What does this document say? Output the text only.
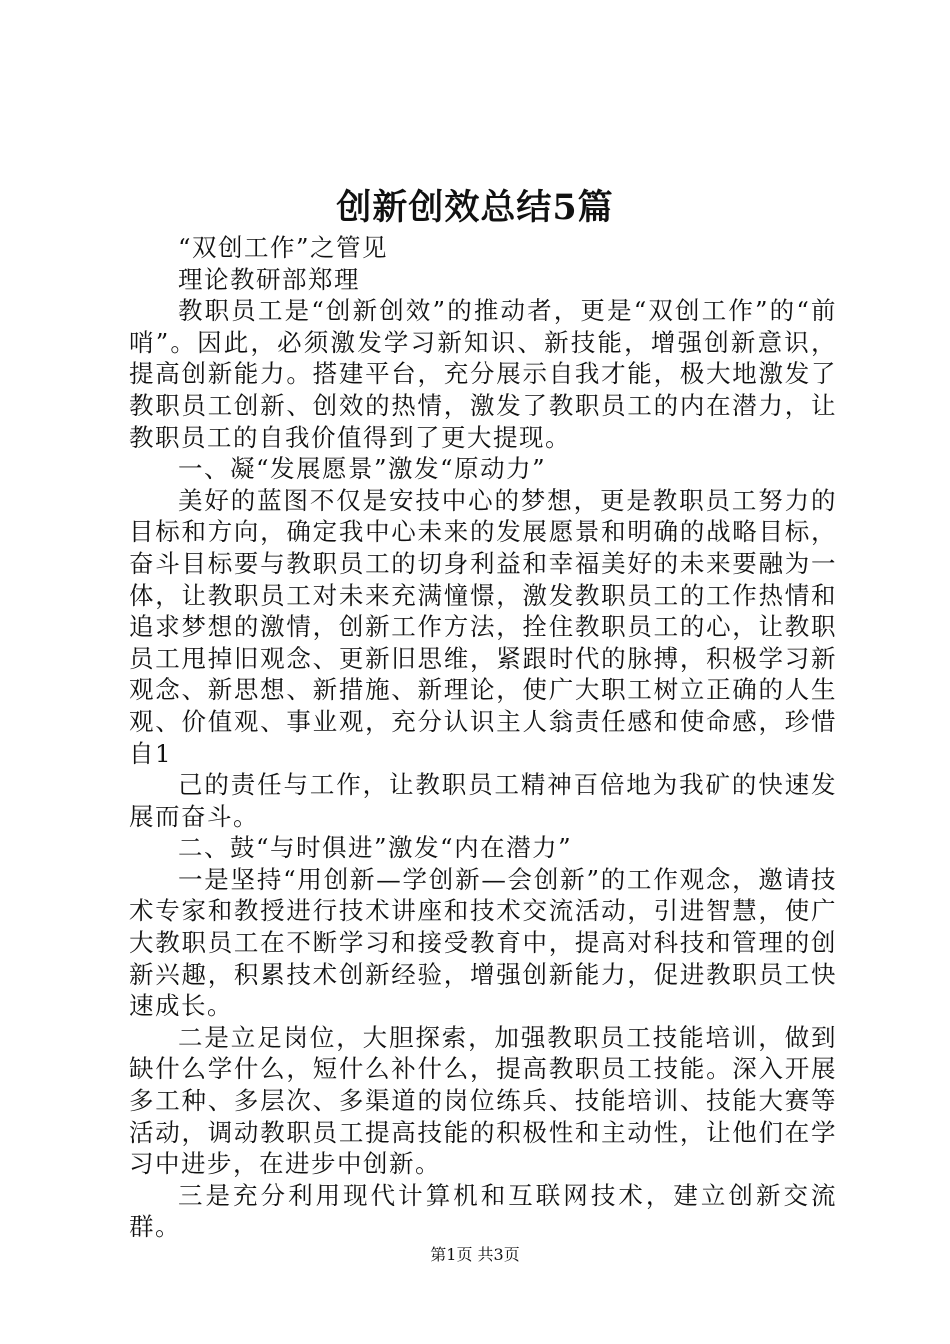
创新创效总结5篇

“双创工作”之管见

理论教研部郑理

教职员工是“创新创效”的推动者，更是“双创工作”的“前哨”。因此，必须激发学习新知识、新技能，增强创新意识，提高创新能力。搭建平台，充分展示自我才能，极大地激发了教职员工创新、创效的热情，激发了教职员工的内在潜力，让教职员工的自我价值得到了更大提现。

一、凝“发展愿景”激发“原动力”

美好的蓝图不仅是安技中心的梦想，更是教职员工努力的目标和方向，确定我中心未来的发展愿景和明确的战略目标，奋斗目标要与教职员工的切身利益和幸福美好的未来要融为一体，让教职员工对未来充满憧憬，激发教职员工的工作热情和追求梦想的激情，创新工作方法，拴住教职员工的心，让教职员工甩掉旧观念、更新旧思维，紧跟时代的脉搏，积极学习新观念、新思想、新措施、新理论，使广大职工树立正确的人生观、价值观、事业观，充分认识主人翁责任感和使命感，珍惜自1

己的责任与工作，让教职员工精神百倍地为我矿的快速发展而奋斗。

二、鼓“与时俱进”激发“内在潜力”

一是坚持“用创新—学创新—会创新”的工作观念，邀请技术专家和教授进行技术讲座和技术交流活动，引进智慧，使广大教职员工在不断学习和接受教育中，提高对科技和管理的创新兴趣，积累技术创新经验，增强创新能力，促进教职员工快速成长。

二是立足岗位，大胆探索，加强教职员工技能培训，做到缺什么学什么，短什么补什么，提高教职员工技能。深入开展多工种、多层次、多渠道的岗位练兵、技能培训、技能大赛等活动，调动教职员工提高技能的积极性和主动性，让他们在学习中进步，在进步中创新。

三是充分利用现代计算机和互联网技术，建立创新交流群。

第1页 共3页
